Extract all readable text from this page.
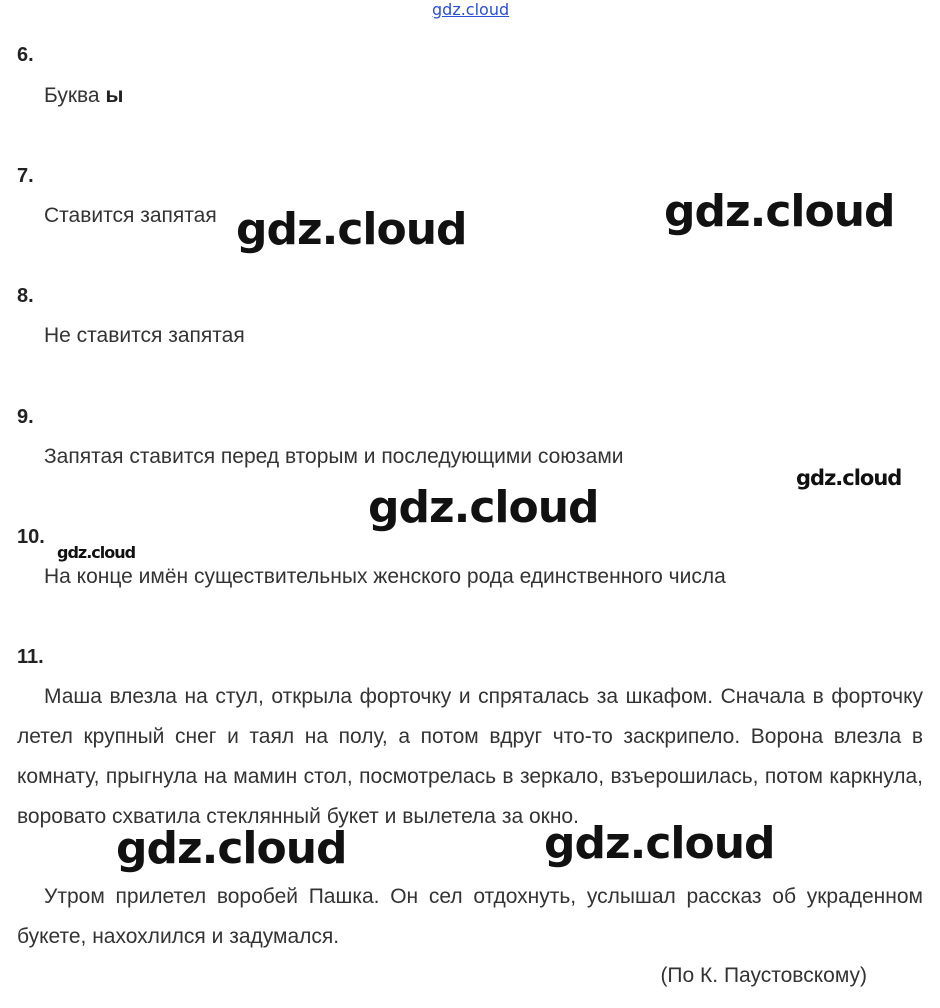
gdz.cloud
6.
Буква ы
7.
Ставится запятая
8.
Не ставится запятая
9.
Запятая ставится перед вторым и последующими союзами
10.
На конце имён существительных женского рода единственного числа
11.
Маша влезла на стул, открыла форточку и спряталась за шкафом. Сначала в форточку летел крупный снег и таял на полу, а потом вдруг что-то заскрипело. Ворона влезла в комнату, прыгнула на мамин стол, посмотрелась в зеркало, взъерошилась, потом каркнула, воровато схватила стеклянный букет и вылетела за окно.
Утром прилетел воробей Пашка. Он сел отдохнуть, услышал рассказ об украденном букете, нахохлился и задумался.
(По К. Паустовскому)
gdz.cloud	gdz.cloud
gdz.cloud
gdz.cloud
gdz.cloud
gdz.cloud	gdz.cloud
